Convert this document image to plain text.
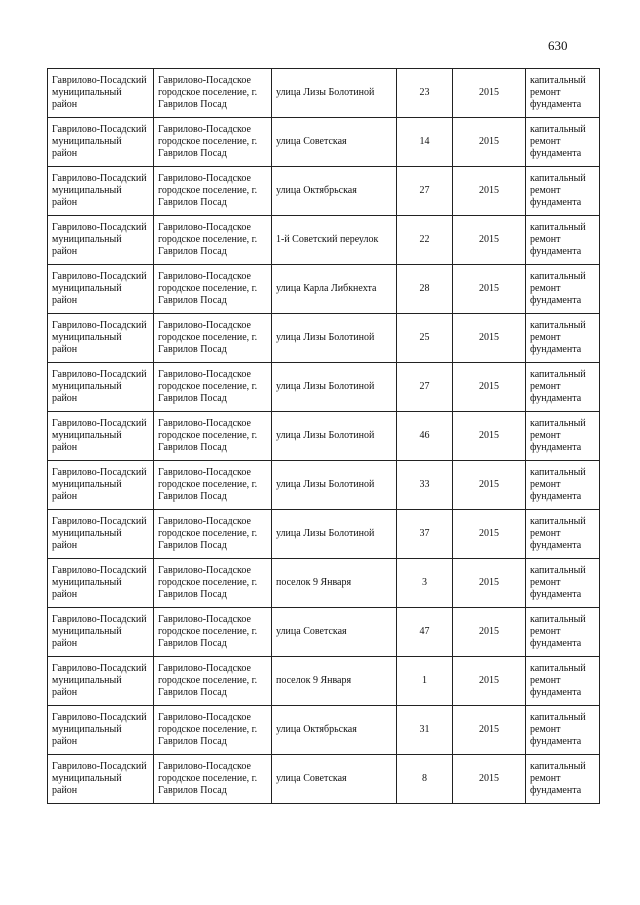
630
Гаврилово-Посадский муниципальный район	Гаврилово-Посадское городское поселение, г. Гаврилов Посад	улица Лизы Болотиной	23	2015	капитальный ремонт фундамента
Гаврилово-Посадский муниципальный район	Гаврилово-Посадское городское поселение, г. Гаврилов Посад	улица Советская	14	2015	капитальный ремонт фундамента
Гаврилово-Посадский муниципальный район	Гаврилово-Посадское городское поселение, г. Гаврилов Посад	улица Октябрьская	27	2015	капитальный ремонт фундамента
Гаврилово-Посадский муниципальный район	Гаврилово-Посадское городское поселение, г. Гаврилов Посад	1-й Советский переулок	22	2015	капитальный ремонт фундамента
Гаврилово-Посадский муниципальный район	Гаврилово-Посадское городское поселение, г. Гаврилов Посад	улица Карла Либкнехта	28	2015	капитальный ремонт фундамента
Гаврилово-Посадский муниципальный район	Гаврилово-Посадское городское поселение, г. Гаврилов Посад	улица Лизы Болотиной	25	2015	капитальный ремонт фундамента
Гаврилово-Посадский муниципальный район	Гаврилово-Посадское городское поселение, г. Гаврилов Посад	улица Лизы Болотиной	27	2015	капитальный ремонт фундамента
Гаврилово-Посадский муниципальный район	Гаврилово-Посадское городское поселение, г. Гаврилов Посад	улица Лизы Болотиной	46	2015	капитальный ремонт фундамента
Гаврилово-Посадский муниципальный район	Гаврилово-Посадское городское поселение, г. Гаврилов Посад	улица Лизы Болотиной	33	2015	капитальный ремонт фундамента
Гаврилово-Посадский муниципальный район	Гаврилово-Посадское городское поселение, г. Гаврилов Посад	улица Лизы Болотиной	37	2015	капитальный ремонт фундамента
Гаврилово-Посадский муниципальный район	Гаврилово-Посадское городское поселение, г. Гаврилов Посад	поселок 9 Января	3	2015	капитальный ремонт фундамента
Гаврилово-Посадский муниципальный район	Гаврилово-Посадское городское поселение, г. Гаврилов Посад	улица Советская	47	2015	капитальный ремонт фундамента
Гаврилово-Посадский муниципальный район	Гаврилово-Посадское городское поселение, г. Гаврилов Посад	поселок 9 Января	1	2015	капитальный ремонт фундамента
Гаврилово-Посадский муниципальный район	Гаврилово-Посадское городское поселение, г. Гаврилов Посад	улица Октябрьская	31	2015	капитальный ремонт фундамента
Гаврилово-Посадский муниципальный район	Гаврилово-Посадское городское поселение, г. Гаврилов Посад	улица Советская	8	2015	капитальный ремонт фундамента
